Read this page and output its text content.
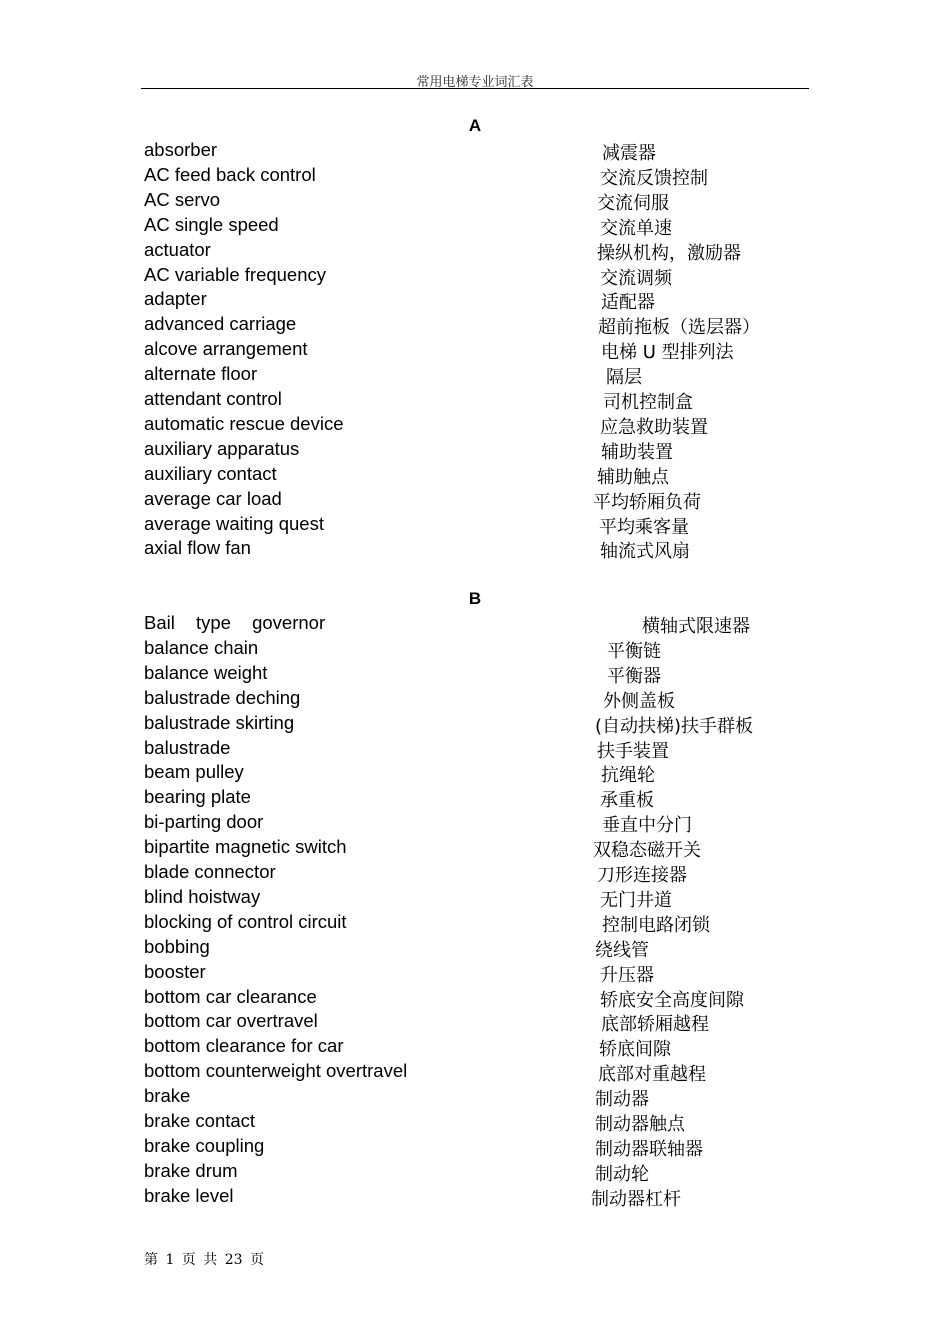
常用电梯专业词汇表
A
absorber	减震器
AC feed back control	交流反馈控制
AC servo	交流伺服
AC single speed	交流单速
actuator	操纵机构，激励器
AC variable frequency	交流调频
adapter	适配器
advanced carriage	超前拖板（选层器）
alcove arrangement	电梯 U 型排列法
alternate floor	隔层
attendant control	司机控制盒
automatic rescue device	应急救助装置
auxiliary apparatus	辅助装置
auxiliary contact	辅助触点
average car load	平均轿厢负荷
average waiting quest	平均乘客量
axial flow fan	轴流式风扇
B
Bail type governor	横轴式限速器
balance chain	平衡链
balance weight	平衡器
balustrade deching	外侧盖板
balustrade skirting	(自动扶梯)扶手群板
balustrade	扶手装置
beam pulley	抗绳轮
bearing plate	承重板
bi-parting door	垂直中分门
bipartite magnetic switch	双稳态磁开关
blade connector	刀形连接器
blind hoistway	无门井道
blocking of control circuit	控制电路闭锁
bobbing	绕线管
booster	升压器
bottom car clearance	轿底安全高度间隙
bottom car overtravel	底部轿厢越程
bottom clearance for car	轿底间隙
bottom counterweight overtravel	底部对重越程
brake	制动器
brake contact	制动器触点
brake coupling	制动器联轴器
brake drum	制动轮
brake level	制动器杠杆
第 1 页 共 23 页
